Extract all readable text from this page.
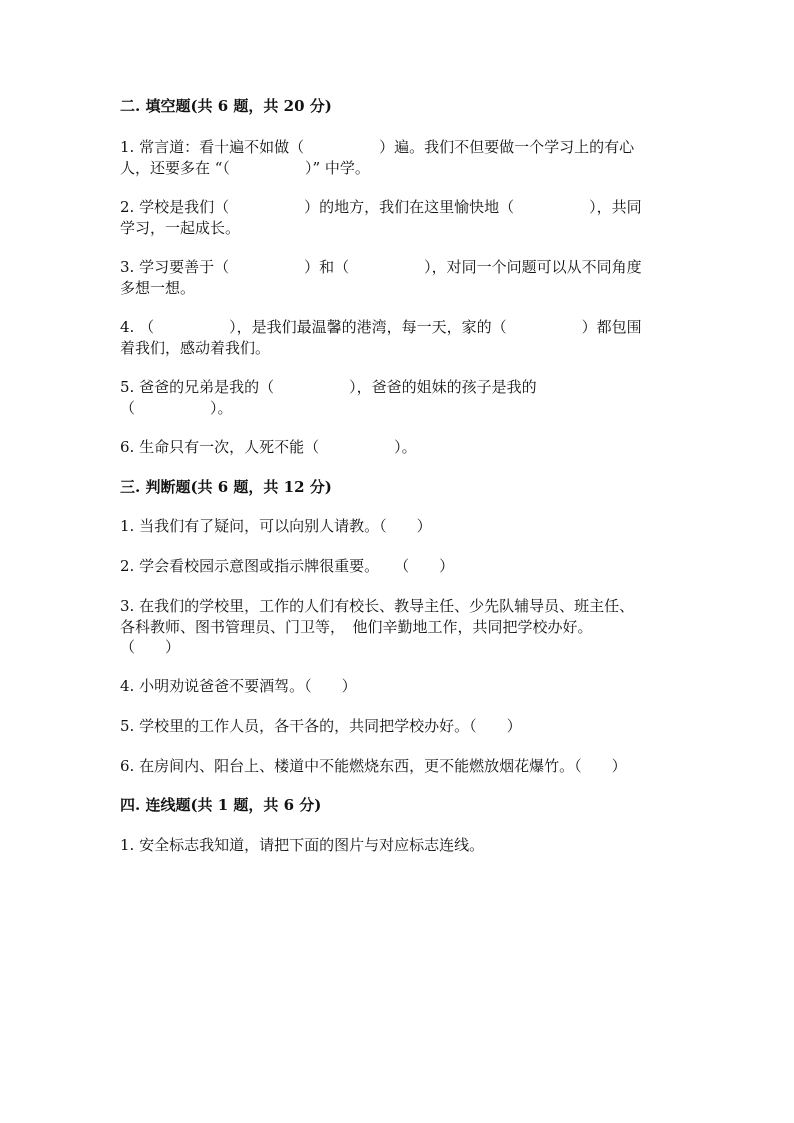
二. 填空题(共 6 题，共 20 分)
1. 常言道：看十遍不如做（　　　　　）遍。我们不但要做一个学习上的有心
人，还要多在 “（　　　　　）” 中学。
2. 学校是我们（　　　　　）的地方，我们在这里愉快地（　　　　　），共同
学习，一起成长。
3. 学习要善于（　　　　　）和（　　　　　），对同一个问题可以从不同角度
多想一想。
4. （　　　　　），是我们最温馨的港湾，每一天，家的（　　　　　）都包围
着我们，感动着我们。
5. 爸爸的兄弟是我的（　　　　　），爸爸的姐妹的孩子是我的
（　　　　　）。
6. 生命只有一次，人死不能（　　　　　）。
三. 判断题(共 6 题，共 12 分)
1. 当我们有了疑问，可以向别人请教。（　　）
2. 学会看校园示意图或指示牌很重要。　　（　　）
3. 在我们的学校里，工作的人们有校长、教导主任、少先队辅导员、班主任、
各科教师、图书管理员、门卫等，　他们辛勤地工作，共同把学校办好。
（　　）
4. 小明劝说爸爸不要酒驾。（　　）
5. 学校里的工作人员，各干各的，共同把学校办好。（　　）
6. 在房间内、阳台上、楼道中不能燃烧东西，更不能燃放烟花爆竹。（　　）
四. 连线题(共 1 题，共 6 分)
1. 安全标志我知道，请把下面的图片与对应标志连线。
